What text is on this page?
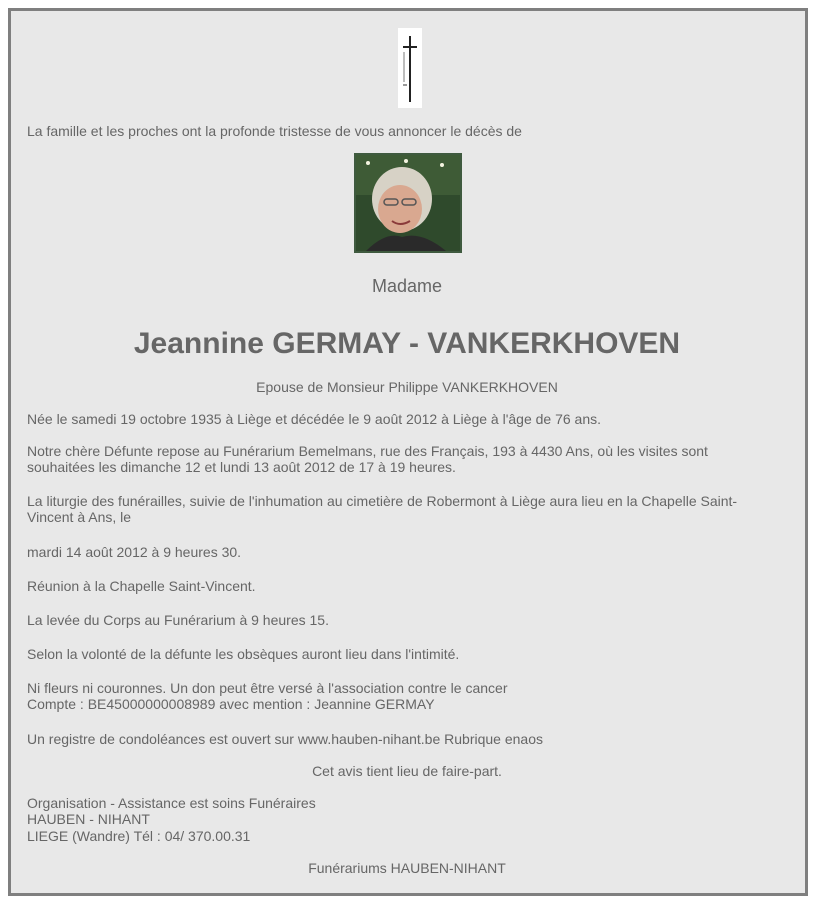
La famille et les proches ont la profonde tristesse de vous annoncer le décès de

Madame
Jeannine GERMAY - VANKERKHOVEN

Epouse de Monsieur Philippe VANKERKHOVEN

Née le samedi 19 octobre 1935 à Liège et décédée le 9 août 2012 à Liège à l'âge de 76 ans.

Notre chère Défunte repose au Funérarium Bemelmans, rue des Français, 193 à 4430 Ans, où les visites sont

souhaitées les dimanche 12 et lundi 13 août 2012 de 17 à 19 heures.

La liturgie des funérailles, suivie de l'inhumation au cimetière de Robermont à Liège aura lieu en la Chapelle Saint-

Vincent à Ans, le

mardi 14 août 2012 à 9 heures 30.

Réunion à la Chapelle Saint-Vincent.

La levée du Corps au Funérarium à 9 heures 15.

Selon la volonté de la défunte les obsèques auront lieu dans l'intimité.

Ni fleurs ni couronnes. Un don peut être versé à l'association contre le cancer

Compte : BE45000000008989 avec mention : Jeannine GERMAY

Un registre de condoléances est ouvert sur www.hauben-nihant.be Rubrique enaos

Cet avis tient lieu de faire-part.

Organisation - Assistance est soins Funéraires

HAUBEN - NIHANT

LIEGE (Wandre) Tél : 04/ 370.00.31

Funérariums HAUBEN-NIHANT
